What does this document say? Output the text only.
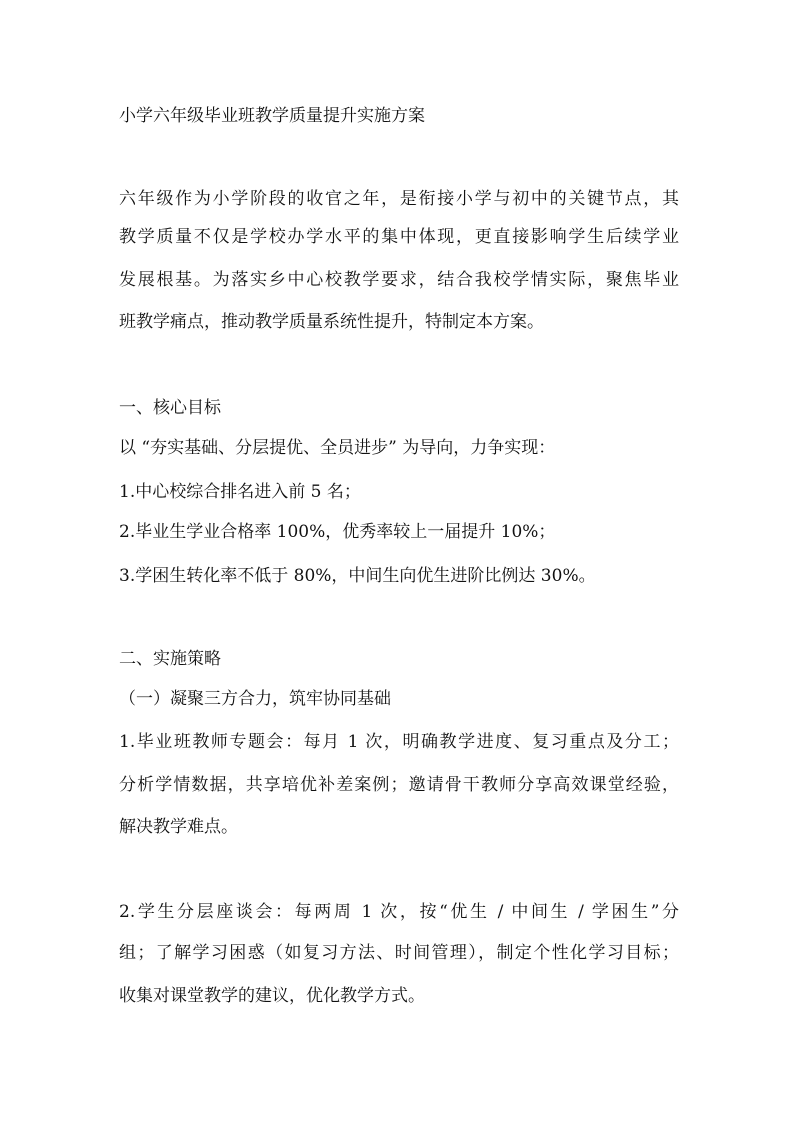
小学六年级毕业班教学质量提升实施方案
六年级作为小学阶段的收官之年，是衔接小学与初中的关键节点，其
教学质量不仅是学校办学水平的集中体现，更直接影响学生后续学业
发展根基。为落实乡中心校教学要求，结合我校学情实际，聚焦毕业
班教学痛点，推动教学质量系统性提升，特制定本方案。
一、核心目标
以 “夯实基础、分层提优、全员进步” 为导向，力争实现：
1.中心校综合排名进入前 5 名；
2.毕业生学业合格率 100%，优秀率较上一届提升 10%；
3.学困生转化率不低于 80%，中间生向优生进阶比例达 30%。
二、实施策略
（一）凝聚三方合力，筑牢协同基础
1.毕业班教师专题会：每月 1 次，明确教学进度、复习重点及分工；
分析学情数据，共享培优补差案例；邀请骨干教师分享高效课堂经验，
解决教学难点。
2.学生分层座谈会：每两周 1 次，按“优生 / 中间生 / 学困生”分
组；了解学习困惑（如复习方法、时间管理），制定个性化学习目标；
收集对课堂教学的建议，优化教学方式。
